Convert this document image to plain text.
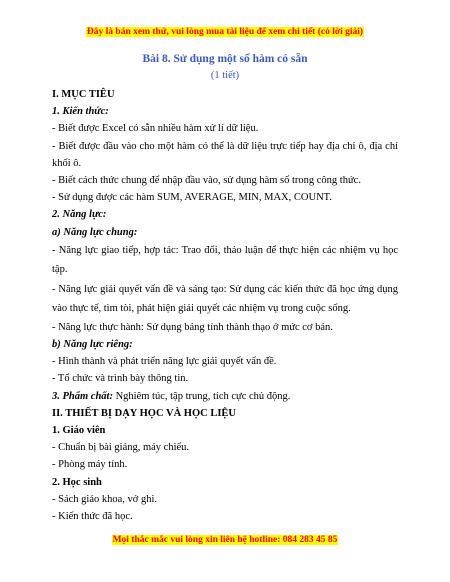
Đây là bản xem thử, vui lòng mua tài liệu để xem chi tiết (có lời giải)
Bài 8. Sử dụng một số hàm có sẵn
(1 tiết)
I. MỤC TIÊU
1. Kiến thức:
- Biết được Excel có sẵn nhiều hàm xử lí dữ liệu.
- Biết được đầu vào cho một hàm có thể là dữ liệu trực tiếp hay địa chỉ ô, địa chỉ khối ô.
- Biết cách thức chung để nhập đầu vào, sử dụng hàm số trong công thức.
- Sử dụng được các hàm SUM, AVERAGE, MIN, MAX, COUNT.
2. Năng lực:
a) Năng lực chung:
- Năng lực giao tiếp, hợp tác: Trao đổi, thảo luận để thực hiện các nhiệm vụ học tập.
- Năng lực giải quyết vấn đề và sáng tạo: Sử dụng các kiến thức đã học ứng dụng vào thực tế, tìm tòi, phát hiện giải quyết các nhiệm vụ trong cuộc sống.
- Năng lực thực hành: Sử dụng bảng tính thành thạo ở mức cơ bản.
b) Năng lực riêng:
- Hình thành và phát triển năng lực giải quyết vấn đề.
- Tổ chức và trình bày thông tin.
3. Phẩm chất: Nghiêm túc, tập trung, tích cực chủ động.
II. THIẾT BỊ DẠY HỌC VÀ HỌC LIỆU
1. Giáo viên
- Chuẩn bị bài giảng, máy chiếu.
- Phòng máy tính.
2. Học sinh
- Sách giáo khoa, vở ghi.
- Kiến thức đã học.
Mọi thắc mắc vui lòng xin liên hệ hotline: 084 283 45 85
